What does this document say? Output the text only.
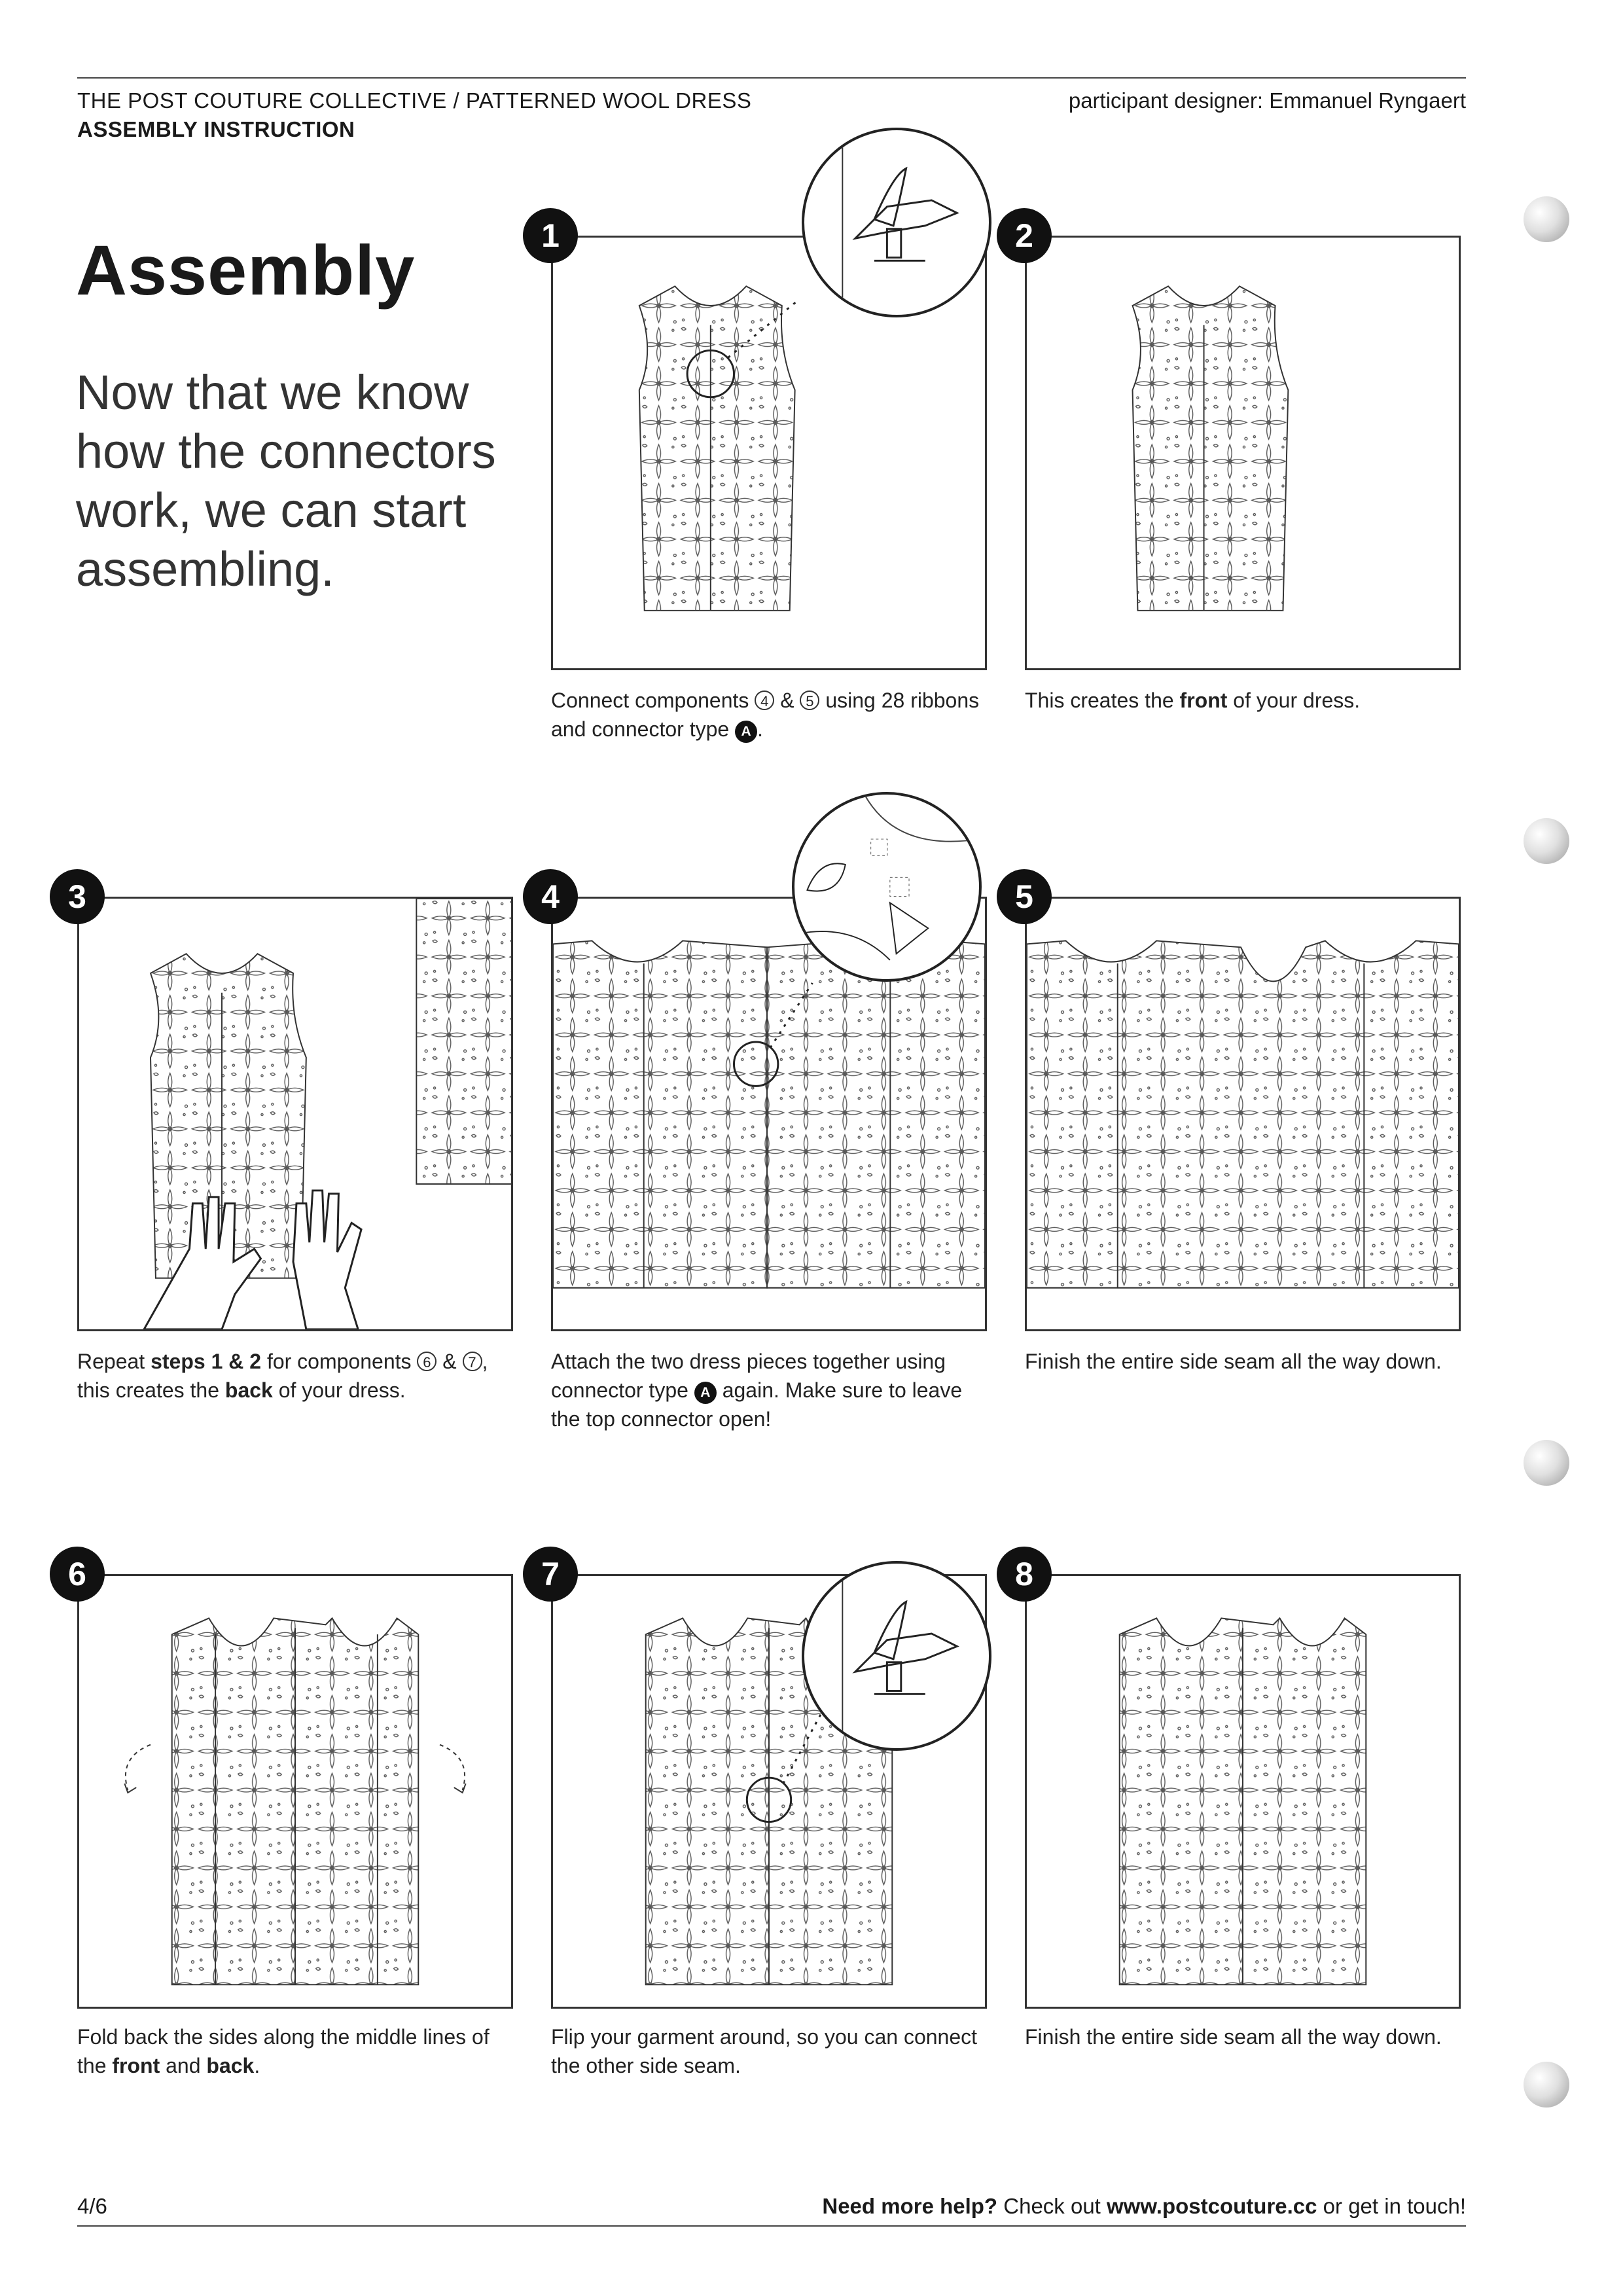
THE POST COUTURE COLLECTIVE / PATTERNED WOOL DRESS
ASSEMBLY INSTRUCTION
participant designer: Emmanuel Ryngaert
Assembly

Now that we know how the connectors work, we can start assembling.

1
Connect components 4 & 5 using 28 ribbons and connector type A .
2
This creates the front of your dress.
3
Repeat steps 1 & 2 for components 6 & 7 , this creates the back of your dress.
4
Attach the two dress pieces together using connector type A again. Make sure to leave the top connector open!
5
Finish the entire side seam all the way down.
6
Fold back the sides along the middle lines of the front and back.
7
Flip your garment around, so you can connect the other side seam.
8
Finish the entire side seam all the way down.
4/6	Need more help? Check out www.postcouture.cc or get in touch!
